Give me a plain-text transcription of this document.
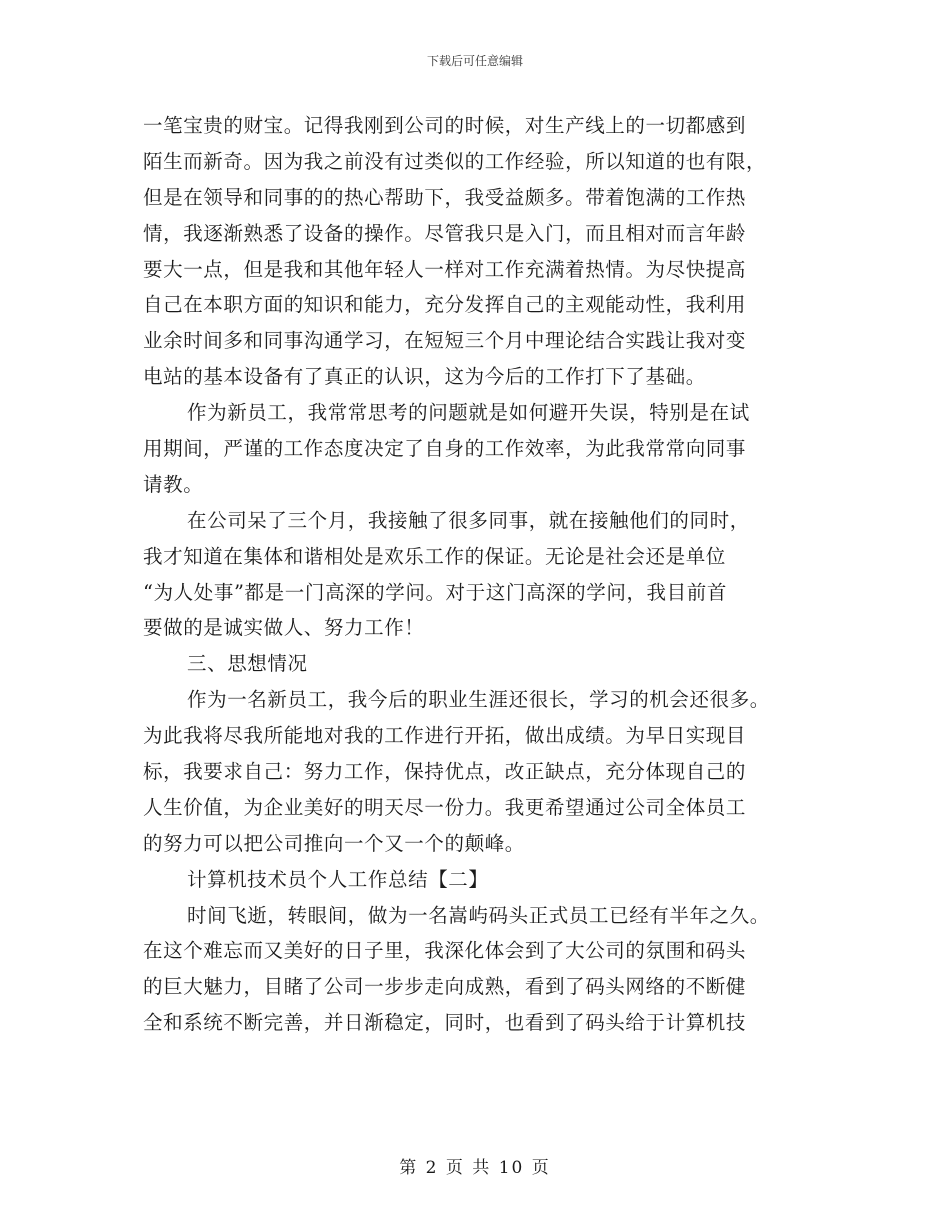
下载后可任意编辑
一笔宝贵的财宝。记得我刚到公司的时候，对生产线上的一切都感到
陌生而新奇。因为我之前没有过类似的工作经验，所以知道的也有限，
但是在领导和同事的的热心帮助下，我受益颇多。带着饱满的工作热
情，我逐渐熟悉了设备的操作。尽管我只是入门，而且相对而言年龄
要大一点，但是我和其他年轻人一样对工作充满着热情。为尽快提高
自己在本职方面的知识和能力，充分发挥自己的主观能动性，我利用
业余时间多和同事沟通学习，在短短三个月中理论结合实践让我对变
电站的基本设备有了真正的认识，这为今后的工作打下了基础。
作为新员工，我常常思考的问题就是如何避开失误，特别是在试
用期间，严谨的工作态度决定了自身的工作效率，为此我常常向同事
请教。
在公司呆了三个月，我接触了很多同事，就在接触他们的同时，
我才知道在集体和谐相处是欢乐工作的保证。无论是社会还是单位
“为人处事”都是一门高深的学问。对于这门高深的学问，我目前首
要做的是诚实做人、努力工作！
三、思想情况
作为一名新员工，我今后的职业生涯还很长，学习的机会还很多。
为此我将尽我所能地对我的工作进行开拓，做出成绩。为早日实现目
标，我要求自己：努力工作，保持优点，改正缺点，充分体现自己的
人生价值，为企业美好的明天尽一份力。我更希望通过公司全体员工
的努力可以把公司推向一个又一个的颠峰。
计算机技术员个人工作总结【二】
时间飞逝，转眼间，做为一名嵩屿码头正式员工已经有半年之久。
在这个难忘而又美好的日子里，我深化体会到了大公司的氛围和码头
的巨大魅力，目睹了公司一步步走向成熟，看到了码头网络的不断健
全和系统不断完善，并日渐稳定，同时，也看到了码头给于计算机技
第 2 页 共 10 页
